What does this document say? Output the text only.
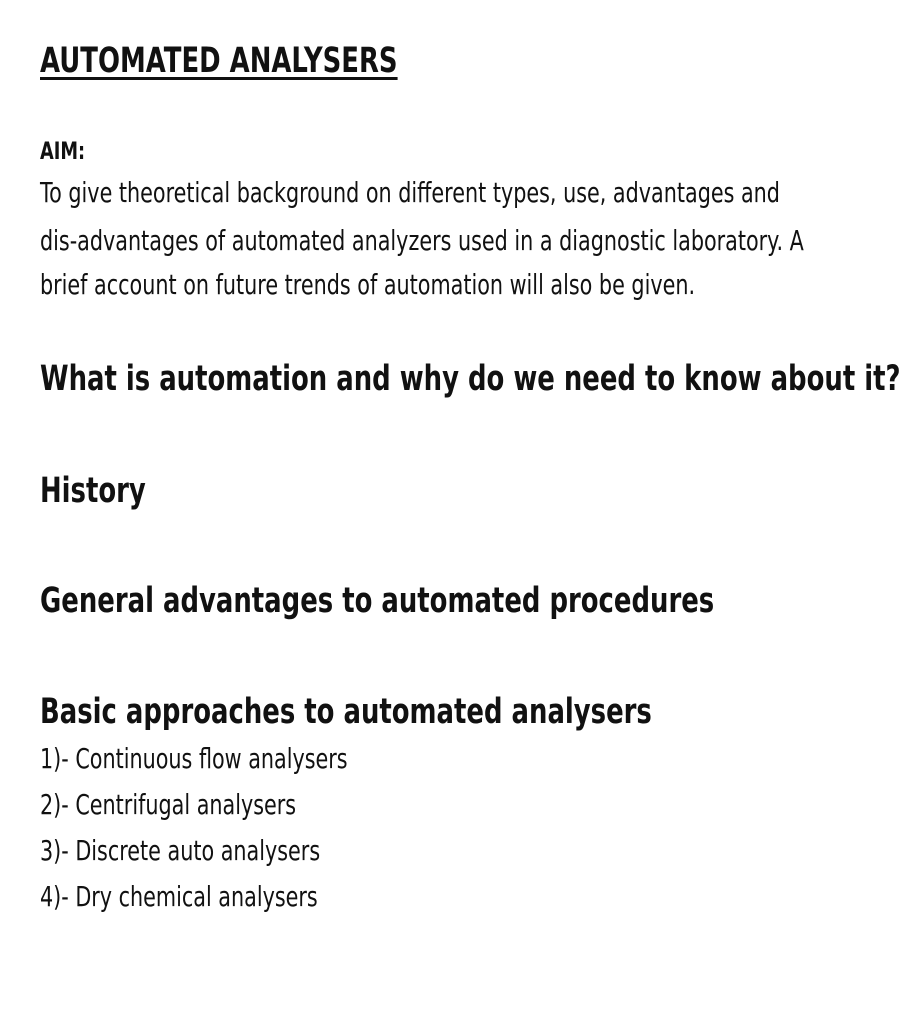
AUTOMATED ANALYSERS
AIM:

To give theoretical background on different types, use, advantages and

dis-advantages of automated analyzers used in a diagnostic laboratory. A

brief account on future trends of automation will also be given.

What is automation and why do we need to know about it?
History
General advantages to automated procedures
Basic approaches to automated analysers
1)- Continuous flow analysers
2)- Centrifugal analysers
3)- Discrete auto analysers
4)- Dry chemical analysers
